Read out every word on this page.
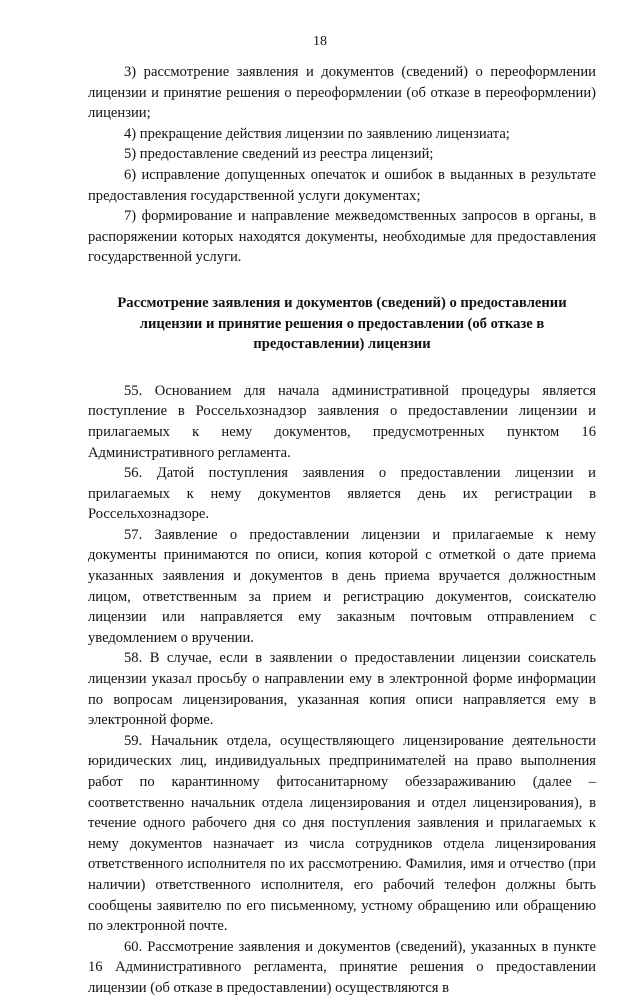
18

3) рассмотрение заявления и документов (сведений) о переоформлении лицензии и принятие решения о переоформлении (об отказе в переоформлении) лицензии;

4) прекращение действия лицензии по заявлению лицензиата;

5) предоставление сведений из реестра лицензий;

6) исправление допущенных опечаток и ошибок в выданных в результате предоставления государственной услуги документах;

7) формирование и направление межведомственных запросов в органы, в распоряжении которых находятся документы, необходимые для предоставления государственной услуги.

Рассмотрение заявления и документов (сведений) о предоставлении
лицензии и принятие решения о предоставлении (об отказе в
предоставлении) лицензии

55. Основанием для начала административной процедуры является поступление в Россельхознадзор заявления о предоставлении лицензии и прилагаемых к нему документов, предусмотренных пунктом 16 Административного регламента.

56. Датой поступления заявления о предоставлении лицензии и прилагаемых к нему документов является день их регистрации в Россельхознадзоре.

57. Заявление о предоставлении лицензии и прилагаемые к нему документы принимаются по описи, копия которой с отметкой о дате приема указанных заявления и документов в день приема вручается должностным лицом, ответственным за прием и регистрацию документов, соискателю лицензии или направляется ему заказным почтовым отправлением с уведомлением о вручении.

58. В случае, если в заявлении о предоставлении лицензии соискатель лицензии указал просьбу о направлении ему в электронной форме информации по вопросам лицензирования, указанная копия описи направляется ему в электронной форме.

59. Начальник отдела, осуществляющего лицензирование деятельности юридических лиц, индивидуальных предпринимателей на право выполнения работ по карантинному фитосанитарному обеззараживанию (далее – соответственно начальник отдела лицензирования и отдел лицензирования), в течение одного рабочего дня со дня поступления заявления и прилагаемых к нему документов назначает из числа сотрудников отдела лицензирования ответственного исполнителя по их рассмотрению. Фамилия, имя и отчество (при наличии) ответственного исполнителя, его рабочий телефон должны быть сообщены заявителю по его письменному, устному обращению или обращению по электронной почте.

60. Рассмотрение заявления и документов (сведений), указанных в пункте 16 Административного регламента, принятие решения о предоставлении лицензии (об отказе в предоставлении) осуществляются в
